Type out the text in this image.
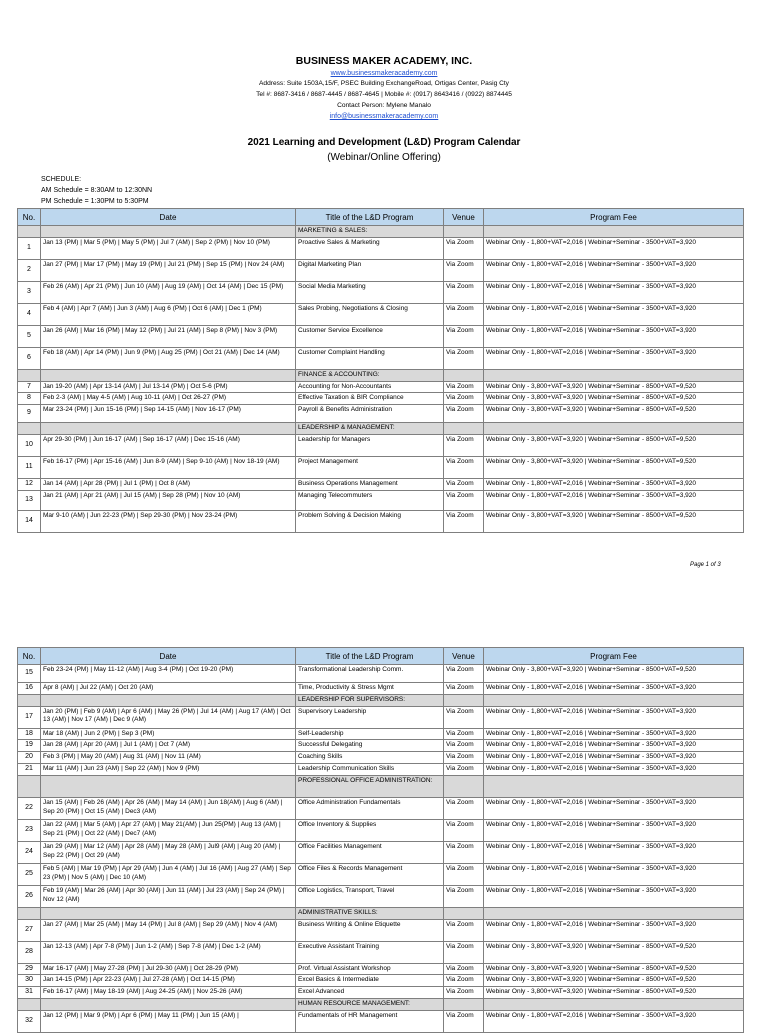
BUSINESS MAKER ACADEMY, INC.
www.businessmakeracademy.com
Address: Suite 1503A,15/F, PSEC Building ExchangeRoad, Ortigas Center, Pasig Cty
Tel #: 8687-3416 / 8687-4445 / 8687-4645 | Mobile #: (0917) 8643416 / (0922) 8874445
Contact Person: Mylene Manalo
info@businessmakeracademy.com
2021 Learning and Development (L&D) Program Calendar
(Webinar/Online Offering)
SCHEDULE:
AM Schedule = 8:30AM to 12:30NN
PM Schedule = 1:30PM to 5:30PM
No.	Date	Title of the L&D Program	Venue	Program Fee
		MARKETING & SALES:		
1	Jan 13 (PM) | Mar 5 (PM) | May 5 (PM) | Jul 7 (AM) | Sep 2 (PM) | Nov 10 (PM)	Proactive Sales & Marketing	Via Zoom	Webinar Only - 1,800+VAT=2,016 | Webinar+Seminar - 3500+VAT=3,920
2	Jan 27 (PM) | Mar 17 (PM) | May 19 (PM) | Jul 21 (PM) | Sep 15 (PM) | Nov 24 (AM)	Digital Marketing Plan	Via Zoom	Webinar Only - 1,800+VAT=2,016 | Webinar+Seminar - 3500+VAT=3,920
3	Feb 26 (AM) | Apr 21 (PM) | Jun 10 (AM) | Aug 19 (AM) | Oct 14 (AM) | Dec 15 (PM)	Social Media Marketing	Via Zoom	Webinar Only - 1,800+VAT=2,016 | Webinar+Seminar - 3500+VAT=3,920
4	Feb 4 (AM) | Apr 7 (AM) | Jun 3 (AM) | Aug 6 (PM) | Oct 6 (AM) | Dec 1 (PM)	Sales Probing, Negotiations & Closing	Via Zoom	Webinar Only - 1,800+VAT=2,016 | Webinar+Seminar - 3500+VAT=3,920
5	Jan 26 (AM) | Mar 16 (PM) | May 12 (PM) | Jul 21 (AM) | Sep 8 (PM) | Nov 3 (PM)	Customer Service Excellence	Via Zoom	Webinar Only - 1,800+VAT=2,016 | Webinar+Seminar - 3500+VAT=3,920
6	Feb 18 (AM) | Apr 14 (PM) | Jun 9 (PM) | Aug 25 (PM) | Oct 21 (AM) | Dec 14 (AM)	Customer Complaint Handling	Via Zoom	Webinar Only - 1,800+VAT=2,016 | Webinar+Seminar - 3500+VAT=3,920
		FINANCE & ACCOUNTING:		
7	Jan 19-20 (AM) | Apr 13-14 (AM) | Jul 13-14 (PM) | Oct 5-6 (PM)	Accounting for Non-Accountants	Via Zoom	Webinar Only - 3,800+VAT=3,920 | Webinar+Seminar - 8500+VAT=9,520
8	Feb 2-3 (AM) | May 4-5 (AM) | Aug 10-11 (AM) | Oct 26-27 (PM)	Effective Taxation & BIR Compliance	Via Zoom	Webinar Only - 3,800+VAT=3,920 | Webinar+Seminar - 8500+VAT=9,520
9	Mar 23-24 (PM) | Jun 15-16 (PM) | Sep 14-15 (AM) | Nov 16-17 (PM)	Payroll & Benefits Administration	Via Zoom	Webinar Only - 3,800+VAT=3,920 | Webinar+Seminar - 8500+VAT=9,520
		LEADERSHIP & MANAGEMENT:		
10	Apr 29-30 (PM) | Jun 16-17 (AM) | Sep 16-17 (AM) | Dec 15-16 (AM)	Leadership for Managers	Via Zoom	Webinar Only - 3,800+VAT=3,920 | Webinar+Seminar - 8500+VAT=9,520
11	Feb 16-17 (PM) | Apr 15-16 (AM) | Jun 8-9 (AM) | Sep 9-10 (AM) | Nov 18-19 (AM)	Project Management	Via Zoom	Webinar Only - 3,800+VAT=3,920 | Webinar+Seminar - 8500+VAT=9,520
12	Jan 14 (AM) | Apr 28 (PM) | Jul 1 (PM) | Oct 8 (AM)	Business Operations Management	Via Zoom	Webinar Only - 1,800+VAT=2,016 | Webinar+Seminar - 3500+VAT=3,920
13	Jan 21 (AM) | Apr 21 (AM) | Jul 15 (AM) | Sep 28 (PM) | Nov 10 (AM)	Managing Telecommuters	Via Zoom	Webinar Only - 1,800+VAT=2,016 | Webinar+Seminar - 3500+VAT=3,920
14	Mar 9-10 (AM) | Jun 22-23 (PM) | Sep 29-30 (PM) | Nov 23-24 (PM)	Problem Solving & Decision Making	Via Zoom	Webinar Only - 3,800+VAT=3,920 | Webinar+Seminar - 8500+VAT=9,520
Page 1 of 3
No.	Date	Title of the L&D Program	Venue	Program Fee
15	Feb 23-24 (PM) | May 11-12 (AM) | Aug 3-4 (PM) | Oct 19-20 (PM)	Transformational Leadership Comm.	Via Zoom	Webinar Only - 3,800+VAT=3,920 | Webinar+Seminar - 8500+VAT=9,520
16	Apr 8 (AM) | Jul 22 (AM) | Oct 20 (AM)	Time, Productivity & Stress Mgmt	Via Zoom	Webinar Only - 1,800+VAT=2,016 | Webinar+Seminar - 3500+VAT=3,920
		LEADERSHIP FOR SUPERVISORS:		
17	Jan 20 (PM) | Feb 9 (AM) | Apr 6 (AM) | May 26 (PM) | Jul 14 (AM) | Aug 17 (AM) | Oct 13 (AM) | Nov 17 (AM) | Dec 9 (AM)	Supervisory Leadership	Via Zoom	Webinar Only - 1,800+VAT=2,016 | Webinar+Seminar - 3500+VAT=3,920
18	Mar 18 (AM) | Jun 2 (PM) | Sep 3 (PM)	Self-Leadership	Via Zoom	Webinar Only - 1,800+VAT=2,016 | Webinar+Seminar - 3500+VAT=3,920
19	Jan 28 (AM) | Apr 20 (AM) | Jul 1 (AM) | Oct 7 (AM)	Successful Delegating	Via Zoom	Webinar Only - 1,800+VAT=2,016 | Webinar+Seminar - 3500+VAT=3,920
20	Feb 3 (PM) | May 20 (AM) | Aug 31 (AM) | Nov 11 (AM)	Coaching Skills	Via Zoom	Webinar Only - 1,800+VAT=2,016 | Webinar+Seminar - 3500+VAT=3,920
21	Mar 11 (AM) | Jun 23 (AM) | Sep 22 (AM) | Nov 9 (PM)	Leadership Communication Skills	Via Zoom	Webinar Only - 1,800+VAT=2,016 | Webinar+Seminar - 3500+VAT=3,920
		PROFESSIONAL OFFICE ADMINISTRATION:		
22	Jan 15 (AM) | Feb 26 (AM) | Apr 26 (AM) | May 14 (AM) | Jun 18(AM) | Aug 6 (AM) | Sep 20 (PM) | Oct 15 (AM) | Dec3 (AM)	Office Administration Fundamentals	Via Zoom	Webinar Only - 1,800+VAT=2,016 | Webinar+Seminar - 3500+VAT=3,920
23	Jan 22 (AM) | Mar 5 (AM) | Apr 27 (AM) | May 21(AM) | Jun 25(PM) | Aug 13 (AM) | Sep 21 (PM) | Oct 22 (AM) | Dec7 (AM)	Office Inventory & Supplies	Via Zoom	Webinar Only - 1,800+VAT=2,016 | Webinar+Seminar - 3500+VAT=3,920
24	Jan 29 (AM) | Mar 12 (AM) | Apr 28 (AM) | May 28 (AM) | Jul9 (AM) | Aug 20 (AM) | Sep 22 (PM) | Oct 29 (AM)	Office Facilities Management	Via Zoom	Webinar Only - 1,800+VAT=2,016 | Webinar+Seminar - 3500+VAT=3,920
25	Feb 5 (AM) | Mar 19 (PM) | Apr 29 (AM) | Jun 4 (AM) | Jul 16 (AM) | Aug 27 (AM) | Sep 23 (PM) | Nov 5 (AM) | Dec 10 (AM)	Office Files & Records Management	Via Zoom	Webinar Only - 1,800+VAT=2,016 | Webinar+Seminar - 3500+VAT=3,920
26	Feb 19 (AM) | Mar 26 (AM) | Apr 30 (AM) | Jun 11 (AM) | Jul 23 (AM) | Sep 24 (PM) | Nov 12 (AM)	Office Logistics, Transport, Travel	Via Zoom	Webinar Only - 1,800+VAT=2,016 | Webinar+Seminar - 3500+VAT=3,920
		ADMINISTRATIVE SKILLS:		
27	Jan 27 (AM) | Mar 25 (AM) | May 14 (PM) | Jul 8 (AM) | Sep 29 (AM) | Nov 4 (AM)	Business Writing & Online Etiquette	Via Zoom	Webinar Only - 1,800+VAT=2,016 | Webinar+Seminar - 3500+VAT=3,920
28	Jan 12-13 (AM) | Apr 7-8 (PM) | Jun 1-2 (AM) | Sep 7-8 (AM) | Dec 1-2 (AM)	Executive Assistant Training	Via Zoom	Webinar Only - 3,800+VAT=3,920 | Webinar+Seminar - 8500+VAT=9,520
29	Mar 16-17 (AM) | May 27-28 (PM) | Jul 29-30 (AM) | Oct 28-29 (PM)	Prof. Virtual Assistant Workshop	Via Zoom	Webinar Only - 3,800+VAT=3,920 | Webinar+Seminar - 8500+VAT=9,520
30	Jan 14-15 (PM) | Apr 22-23 (AM) | Jul 27-28 (AM) | Oct 14-15 (PM)	Excel Basics & Intermediate	Via Zoom	Webinar Only - 3,800+VAT=3,920 | Webinar+Seminar - 8500+VAT=9,520
31	Feb 16-17 (AM) | May 18-19 (AM) | Aug 24-25 (AM) | Nov 25-26 (AM)	Excel Advanced	Via Zoom	Webinar Only - 3,800+VAT=3,920 | Webinar+Seminar - 8500+VAT=9,520
		HUMAN RESOURCE MANAGEMENT:		
32	Jan 12 (PM) | Mar 9 (PM) | Apr 6 (PM) | May 11 (PM) | Jun 15 (AM) |	Fundamentals of HR Management	Via Zoom	Webinar Only - 1,800+VAT=2,016 | Webinar+Seminar - 3500+VAT=3,920
